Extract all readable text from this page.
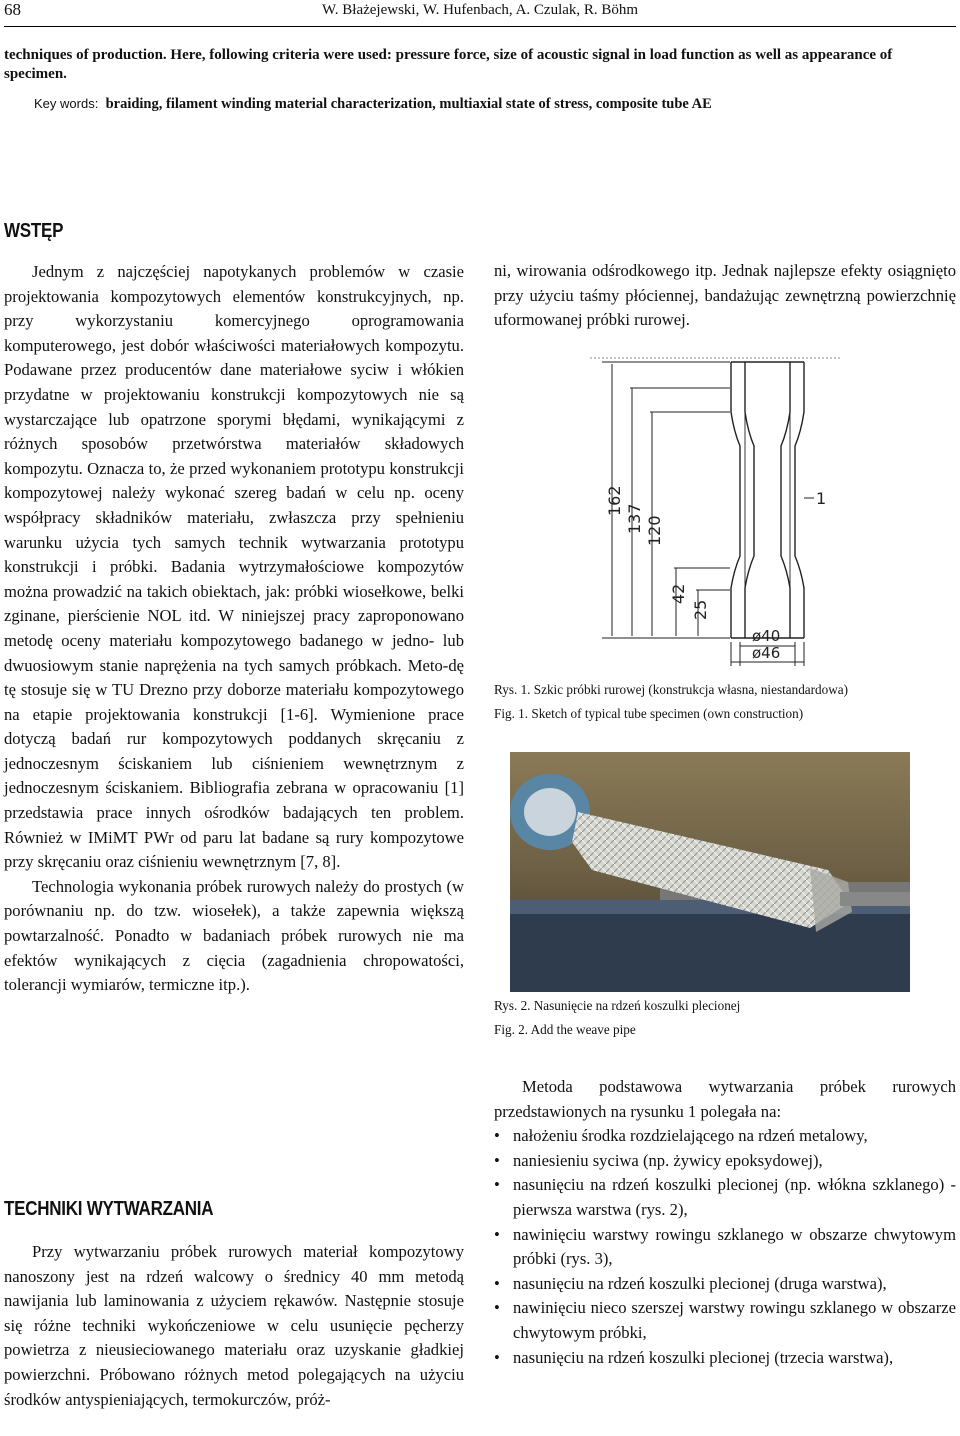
68	W. Błażejewski, W. Hufenbach, A. Czulak, R. Böhm
techniques of production. Here, following criteria were used: pressure force, size of acoustic signal in load function as well as appearance of specimen.
Key words: braiding, filament winding material characterization, multiaxial state of stress, composite tube AE
WSTĘP

Jednym z najczęściej napotykanych problemów w czasie projektowania kompozytowych elementów konstrukcyjnych, np. przy wykorzystaniu komercyjnego oprogramowania komputerowego, jest dobór właściwości materiałowych kompozytu. Podawane przez producentów dane materiałowe syciw i włókien przydatne w projektowaniu konstrukcji kompozytowych nie są wystarczające lub opatrzone sporymi błędami, wynikającymi z różnych sposobów przetwórstwa materiałów składowych kompozytu. Oznacza to, że przed wykonaniem prototypu konstrukcji kompozytowej należy wykonać szereg badań w celu np. oceny współpracy składników materiału, zwłaszcza przy spełnieniu warunku użycia tych samych technik wytwarzania prototypu konstrukcji i próbki. Badania wytrzymałościowe kompozytów można prowadzić na takich obiektach, jak: próbki wiosełkowe, belki zginane, pierścienie NOL itd. W niniejszej pracy zaproponowano metodę oceny materiału kompozytowego badanego w jedno- lub dwuosiowym stanie naprężenia na tych samych próbkach. Meto-dę tę stosuje się w TU Drezno przy doborze materiału kompozytowego na etapie projektowania konstrukcji [1-6]. Wymienione prace dotyczą badań rur kompozytowych poddanych skręcaniu z jednoczesnym ściskaniem lub ciśnieniem wewnętrznym z jednoczesnym ściskaniem. Bibliografia zebrana w opracowaniu [1] przedstawia prace innych ośrodków badających ten problem. Również w IMiMT PWr od paru lat badane są rury kompozytowe przy skręcaniu oraz ciśnieniu wewnętrznym [7, 8].

Technologia wykonania próbek rurowych należy do prostych (w porównaniu np. do tzw. wiosełek), a także zapewnia większą powtarzalność. Ponadto w badaniach próbek rurowych nie ma efektów wynikających z cięcia (zagadnienia chropowatości, tolerancji wymiarów, termiczne itp.).

TECHNIKI WYTWARZANIA

Przy wytwarzaniu próbek rurowych materiał kompozytowy nanoszony jest na rdzeń walcowy o średnicy 40 mm metodą nawijania lub laminowania z użyciem rękawów. Następnie stosuje się różne techniki wykończeniowe w celu usunięcie pęcherzy powietrza z nieusieciowanego materiału oraz uzyskanie gładkiej powierzchni. Próbowano różnych metod polegających na użyciu środków antyspieniających, termokurczów, próż-

ni, wirowania odśrodkowego itp. Jednak najlepsze efekty osiągnięto przy użyciu taśmy płóciennej, bandażując zewnętrzną powierzchnię uformowanej próbki rurowej.

162
137 120
42
25
1
ø40
ø46
Rys. 1. Szkic próbki rurowej (konstrukcja własna, niestandardowa)
Fig. 1. Sketch of typical tube specimen (own construction)
Rys. 2. Nasunięcie na rdzeń koszulki plecionej
Fig. 2. Add the weave pipe

Metoda podstawowa wytwarzania próbek rurowych przedstawionych na rysunku 1 polegała na:

• nałożeniu środka rozdzielającego na rdzeń metalowy,
• naniesieniu syciwa (np. żywicy epoksydowej),
• nasunięciu na rdzeń koszulki plecionej (np. włókna szklanego) - pierwsza warstwa (rys. 2),
• nawinięciu warstwy rowingu szklanego w obszarze chwytowym próbki (rys. 3),
• nasunięciu na rdzeń koszulki plecionej (druga warstwa),
• nawinięciu nieco szerszej warstwy rowingu szklanego w obszarze chwytowym próbki,
• nasunięciu na rdzeń koszulki plecionej (trzecia warstwa),
